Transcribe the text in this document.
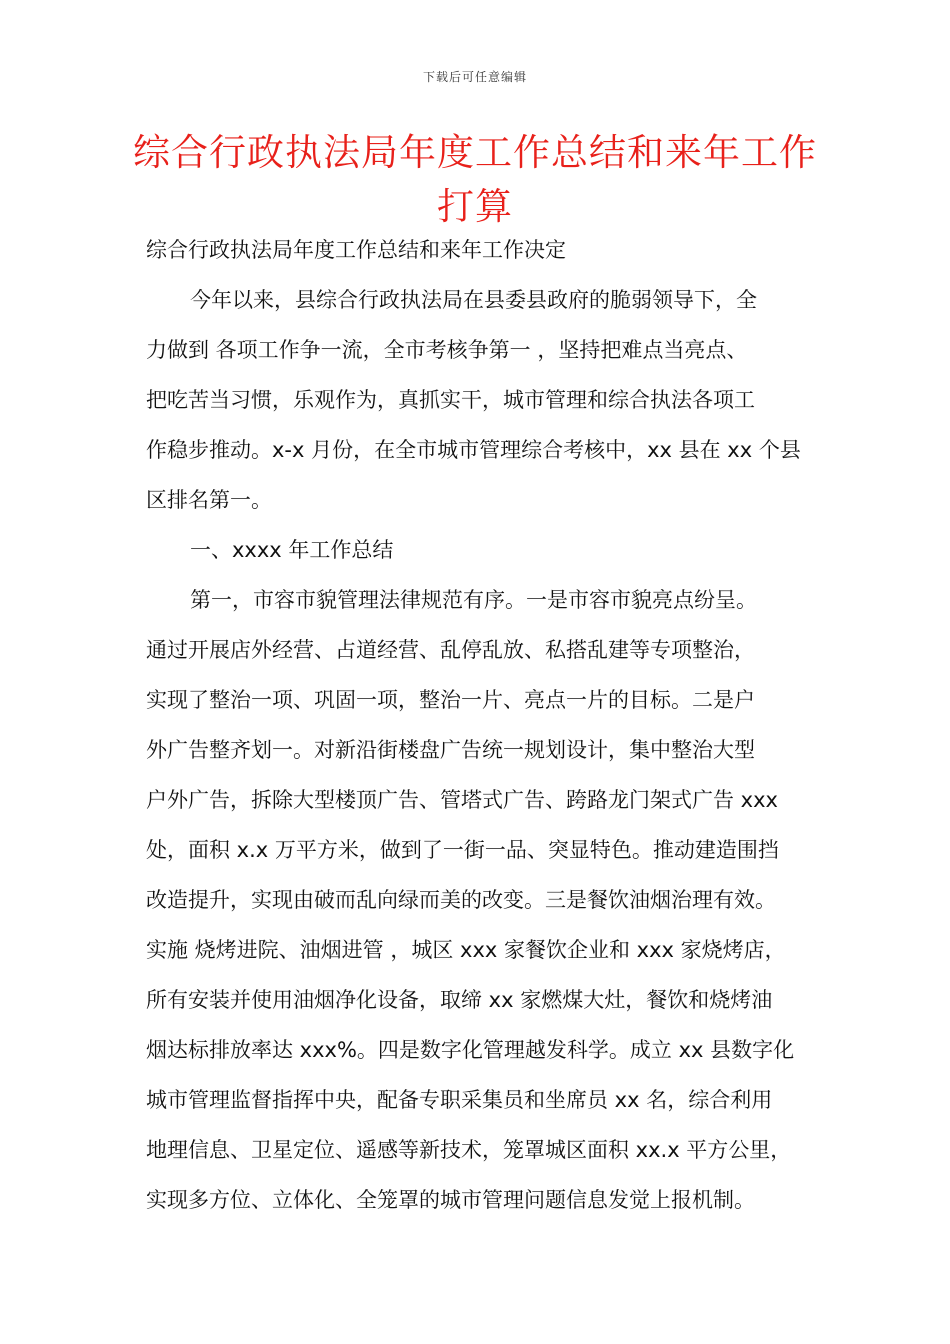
下载后可任意编辑
综合行政执法局年度工作总结和来年工作
打算
综合行政执法局年度工作总结和来年工作决定
今年以来，县综合行政执法局在县委县政府的脆弱领导下，全
力做到 各项工作争一流，全市考核争第一 ，坚持把难点当亮点、
把吃苦当习惯，乐观作为，真抓实干，城市管理和综合执法各项工
作稳步推动。x-x 月份，在全市城市管理综合考核中，xx 县在 xx 个县
区排名第一。
一、xxxx 年工作总结
第一，市容市貌管理法律规范有序。一是市容市貌亮点纷呈。
通过开展店外经营、占道经营、乱停乱放、私搭乱建等专项整治，
实现了整治一项、巩固一项，整治一片、亮点一片的目标。二是户
外广告整齐划一。对新沿街楼盘广告统一规划设计，集中整治大型
户外广告，拆除大型楼顶广告、管塔式广告、跨路龙门架式广告 xxx
处，面积 x.x 万平方米，做到了一街一品、突显特色。推动建造围挡
改造提升，实现由破而乱向绿而美的改变。三是餐饮油烟治理有效。
实施 烧烤进院、油烟进管 ，城区 xxx 家餐饮企业和 xxx 家烧烤店，
所有安装并使用油烟净化设备，取缔 xx 家燃煤大灶，餐饮和烧烤油
烟达标排放率达 xxx%。四是数字化管理越发科学。成立 xx 县数字化
城市管理监督指挥中央，配备专职采集员和坐席员 xx 名，综合利用
地理信息、卫星定位、遥感等新技术，笼罩城区面积 xx.x 平方公里，
实现多方位、立体化、全笼罩的城市管理问题信息发觉上报机制。
